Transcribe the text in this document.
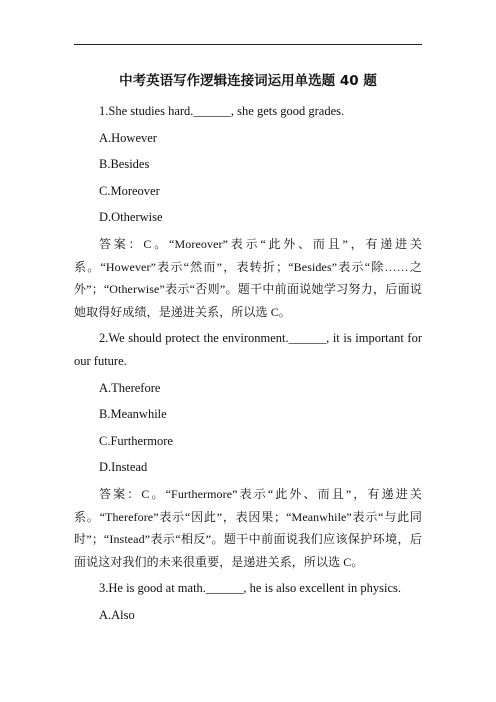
中考英语写作逻辑连接词运用单选题 40 题

1.She studies hard.______, she gets good grades.

A.However

B.Besides

C.Moreover

D.Otherwise

答案：C。“Moreover”表示“此外、而且”，有递进关系。“However”表示“然而”，表转折；“Besides”表示“除……之外”；“Otherwise”表示“否则”。题干中前面说她学习努力，后面说她取得好成绩，是递进关系，所以选 C。

2.We should protect the environment.______, it is important for our future.

A.Therefore

B.Meanwhile

C.Furthermore

D.Instead

答案：C。“Furthermore”表示“此外、而且”，有递进关系。“Therefore”表示“因此”，表因果；“Meanwhile”表示“与此同时”；“Instead”表示“相反”。题干中前面说我们应该保护环境，后面说这对我们的未来很重要，是递进关系，所以选 C。

3.He is good at math.______, he is also excellent in physics.

A.Also
